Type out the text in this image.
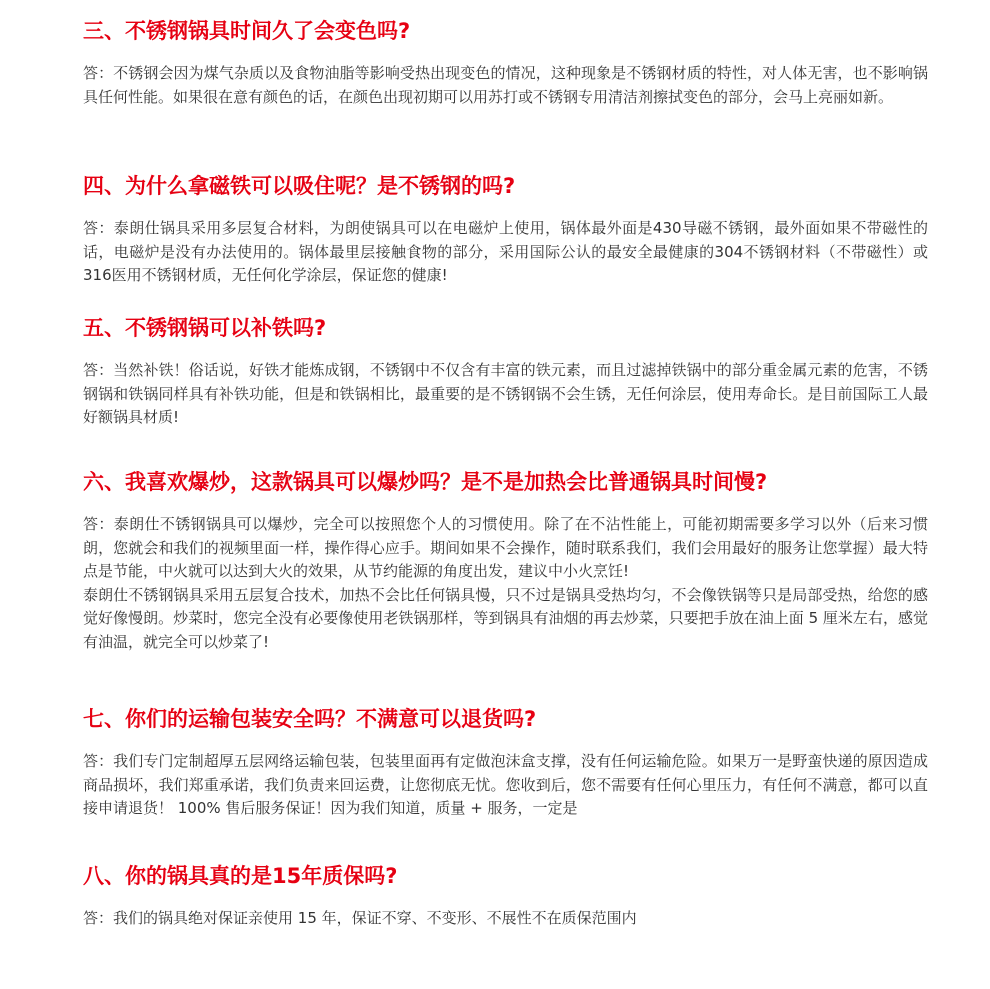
三、不锈钢锅具时间久了会变色吗?

答：不锈钢会因为煤气杂质以及食物油脂等影响受热出现变色的情况，这种现象是不锈钢材质的特性，对人体无害，也不影响锅具任何性能。如果很在意有颜色的话，在颜色出现初期可以用苏打或不锈钢专用清洁剂擦拭变色的部分，会马上亮丽如新。

四、为什么拿磁铁可以吸住呢？是不锈钢的吗?

答：泰朗仕锅具采用多层复合材料，为朗使锅具可以在电磁炉上使用，锅体最外面是430导磁不锈钢，最外面如果不带磁性的话，电磁炉是没有办法使用的。锅体最里层接触食物的部分，采用国际公认的最安全最健康的304不锈钢材料（不带磁性）或316医用不锈钢材质，无任何化学涂层，保证您的健康!

五、不锈钢锅可以补铁吗?

答：当然补铁！俗话说，好铁才能炼成钢，不锈钢中不仅含有丰富的铁元素，而且过滤掉铁锅中的部分重金属元素的危害，不锈钢锅和铁锅同样具有补铁功能，但是和铁锅相比，最重要的是不锈钢锅不会生锈，无任何涂层，使用寿命长。是目前国际工人最好额锅具材质!

六、我喜欢爆炒，这款锅具可以爆炒吗？是不是加热会比普通锅具时间慢?

答：泰朗仕不锈钢锅具可以爆炒，完全可以按照您个人的习惯使用。除了在不沾性能上，可能初期需要多学习以外（后来习惯朗，您就会和我们的视频里面一样，操作得心应手。期间如果不会操作，随时联系我们，我们会用最好的服务让您掌握）最大特点是节能，中火就可以达到大火的效果，从节约能源的角度出发，建议中小火烹饪!

泰朗仕不锈钢锅具采用五层复合技术，加热不会比任何锅具慢，只不过是锅具受热均匀，不会像铁锅等只是局部受热，给您的感觉好像慢朗。炒菜时，您完全没有必要像使用老铁锅那样，等到锅具有油烟的再去炒菜，只要把手放在油上面 5 厘米左右，感觉有油温，就完全可以炒菜了!

七、你们的运输包装安全吗？不满意可以退货吗?

答：我们专门定制超厚五层网络运输包装，包装里面再有定做泡沫盒支撑，没有任何运输危险。如果万一是野蛮快递的原因造成商品损坏，我们郑重承诺，我们负责来回运费，让您彻底无忧。您收到后，您不需要有任何心里压力，有任何不满意，都可以直接申请退货！ 100% 售后服务保证！因为我们知道，质量 + 服务，一定是

八、你的锅具真的是15年质保吗?

答：我们的锅具绝对保证亲使用 15 年，保证不穿、不变形、不展性不在质保范围内
